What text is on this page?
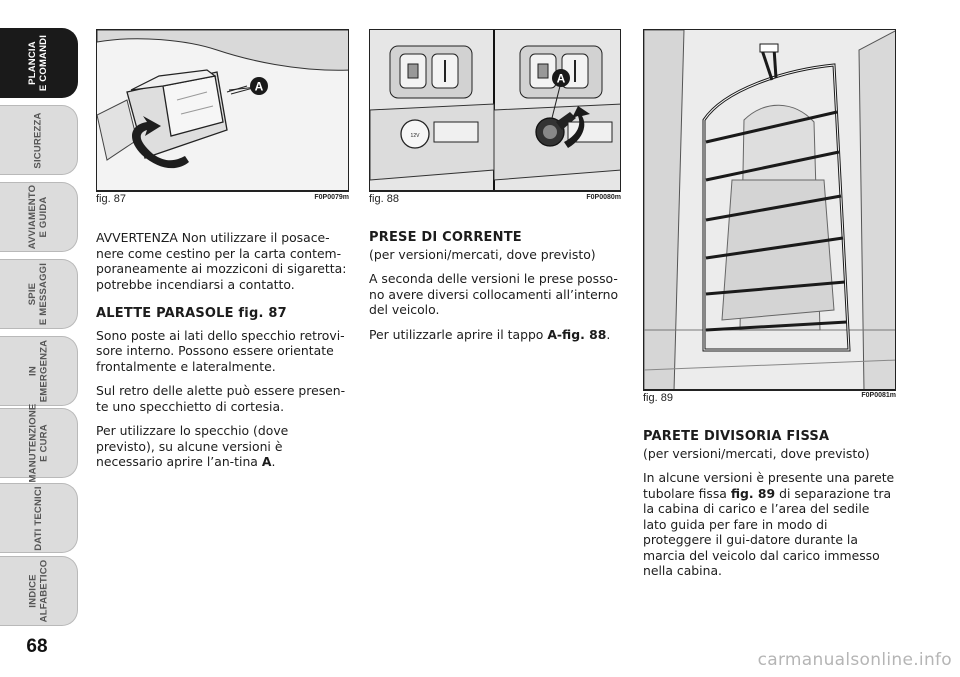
PLANCIA
E COMANDI
SICUREZZA
AVVIAMENTO
E GUIDA
SPIE
E MESSAGGI
IN
EMERGENZA
MANUTENZIONE
E CURA
DATI TECNICI
INDICE
ALFABETICO
68
A
fig. 87	F0P0079m
12V
A
fig. 88	F0P0080m
fig. 89	F0P0081m

AVVERTENZA Non utilizzare il posace-nere come cestino per la carta contem-poraneamente ai mozziconi di sigaretta: potrebbe incendiarsi a contatto.

ALETTE PARASOLE fig. 87

Sono poste ai lati dello specchio retrovi-sore interno. Possono essere orientate frontalmente e lateralmente.

Sul retro delle alette può essere presen-te uno specchietto di cortesia.

Per utilizzare lo specchio (dove previsto), su alcune versioni è necessario aprire l’an-tina A.

PRESE DI CORRENTE

(per versioni/mercati, dove previsto)

A seconda delle versioni le prese posso-no avere diversi collocamenti all’interno del veicolo.

Per utilizzarle aprire il tappo A-fig. 88.

PARETE DIVISORIA FISSA

(per versioni/mercati, dove previsto)

In alcune versioni è presente una parete tubolare fissa fig. 89 di separazione tra la cabina di carico e l’area del sedile lato guida per fare in modo di proteggere il gui-datore durante la marcia del veicolo dal carico immesso nella cabina.

carmanualsonline.info
